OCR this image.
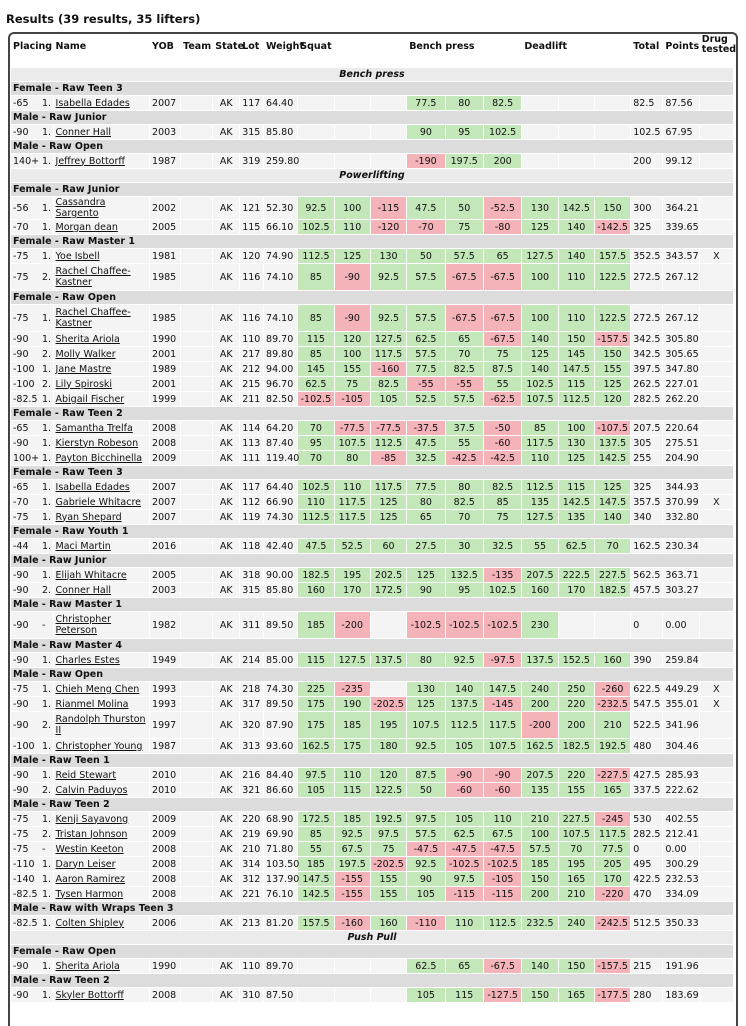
Results (39 results, 35 lifters)
Placing	Name	YOB	Team	State	Lot	Weight	Squat			Bench press			Deadlift			Total	Points	Drug tested
Bench press																		
Female - Raw Teen 3																		
-65 1.	Isabella Edades	2007		AK	117	64.40				77.5	80	82.5				82.5	87.56	
Male - Raw Junior																		
-90 1.	Conner Hall	2003		AK	315	85.80				90	95	102.5				102.5	67.95	
Male - Raw Open																		
140+ 1.	Jeffrey Bottorff	1987		AK	319	259.80				-190	197.5	200				200	99.12	
Powerlifting																		
Female - Raw Junior																		
-56 1.	Cassandra Sargento	2002		AK	121	52.30	92.5	100	-115	47.5	50	-52.5	130	142.5	150	300	364.21	
-70 1.	Morgan dean	2005		AK	115	66.10	102.5	110	-120	-70	75	-80	125	140	-142.5	325	339.65	
Female - Raw Master 1																		
-75 1.	Yoe Isbell	1981		AK	120	74.90	112.5	125	130	50	57.5	65	127.5	140	157.5	352.5	343.57	X
-75 2.	Rachel Chaffee-Kastner	1985		AK	116	74.10	85	-90	92.5	57.5	-67.5	-67.5	100	110	122.5	272.5	267.12	
Female - Raw Open																		
-75 1.	Rachel Chaffee-Kastner	1985		AK	116	74.10	85	-90	92.5	57.5	-67.5	-67.5	100	110	122.5	272.5	267.12	
-90 1.	Sherita Ariola	1990		AK	110	89.70	115	120	127.5	62.5	65	-67.5	140	150	-157.5	342.5	305.80	
-90 2.	Molly Walker	2001		AK	217	89.80	85	100	117.5	57.5	70	75	125	145	150	342.5	305.65	
-100 1.	Jane Mastre	1989		AK	212	94.00	145	155	-160	77.5	82.5	87.5	140	147.5	155	397.5	347.80	
-100 2.	Lily Spiroski	2001		AK	215	96.70	62.5	75	82.5	-55	-55	55	102.5	115	125	262.5	227.01	
-82.5 1.	Abigail Fischer	1999		AK	211	82.50	-102.5	-105	105	52.5	57.5	-62.5	107.5	112.5	120	282.5	262.20	
Female - Raw Teen 2																		
-65 1.	Samantha Trelfa	2008		AK	114	64.20	70	-77.5	-77.5	-37.5	37.5	-50	85	100	-107.5	207.5	220.64	
-90 1.	Kierstyn Robeson	2008		AK	113	87.40	95	107.5	112.5	47.5	55	-60	117.5	130	137.5	305	275.51	
100+ 1.	Payton Bicchinella	2009		AK	111	119.40	70	80	-85	32.5	-42.5	-42.5	110	125	142.5	255	204.90	
Female - Raw Teen 3																		
-65 1.	Isabella Edades	2007		AK	117	64.40	102.5	110	117.5	77.5	80	82.5	112.5	115	125	325	344.93	
-70 1.	Gabriele Whitacre	2007		AK	112	66.90	110	117.5	125	80	82.5	85	135	142.5	147.5	357.5	370.99	X
-75 1.	Ryan Shepard	2007		AK	119	74.30	112.5	117.5	125	65	70	75	127.5	135	140	340	332.80	
Female - Raw Youth 1																		
-44 1.	Maci Martin	2016		AK	118	42.40	47.5	52.5	60	27.5	30	32.5	55	62.5	70	162.5	230.34	
Male - Raw Junior																		
-90 1.	Elijah Whitacre	2005		AK	318	90.00	182.5	195	202.5	125	132.5	-135	207.5	222.5	227.5	562.5	363.71	
-90 2.	Conner Hall	2003		AK	315	85.80	160	170	172.5	90	95	102.5	160	170	182.5	457.5	303.27	
Male - Raw Master 1																		
-90 -	Christopher Peterson	1982		AK	311	89.50	185	-200		-102.5	-102.5	-102.5	230			0	0.00	
Male - Raw Master 4																		
-90 1.	Charles Estes	1949		AK	214	85.00	115	127.5	137.5	80	92.5	-97.5	137.5	152.5	160	390	259.84	
Male - Raw Open																		
-75 1.	Chieh Meng Chen	1993		AK	218	74.30	225	-235		130	140	147.5	240	250	-260	622.5	449.29	X
-90 1.	Rianmel Molina	1993		AK	317	89.50	175	190	-202.5	125	137.5	-145	200	220	-232.5	547.5	355.01	X
-90 2.	Randolph Thurston II	1997		AK	320	87.90	175	185	195	107.5	112.5	117.5	-200	200	210	522.5	341.96	
-100 1.	Christopher Young	1987		AK	313	93.60	162.5	175	180	92.5	105	107.5	162.5	182.5	192.5	480	304.46	
Male - Raw Teen 1																		
-90 1.	Reid Stewart	2010		AK	216	84.40	97.5	110	120	87.5	-90	-90	207.5	220	-227.5	427.5	285.93	
-90 2.	Calvin Paduyos	2010		AK	321	86.60	105	115	122.5	50	-60	-60	135	155	165	337.5	222.62	
Male - Raw Teen 2																		
-75 1.	Kenji Sayavong	2009		AK	220	68.90	172.5	185	192.5	97.5	105	110	210	227.5	-245	530	402.55	
-75 2.	Tristan Johnson	2009		AK	219	69.90	85	92.5	97.5	57.5	62.5	67.5	100	107.5	117.5	282.5	212.41	
-75 -	Westin Keeton	2008		AK	210	71.80	55	67.5	75	-47.5	-47.5	-47.5	57.5	70	77.5	0	0.00	
-110 1.	Daryn Leiser	2008		AK	314	103.50	185	197.5	-202.5	92.5	-102.5	-102.5	185	195	205	495	300.29	
-140 1.	Aaron Ramirez	2008		AK	312	137.90	147.5	-155	155	90	97.5	-105	150	165	170	422.5	232.53	
-82.5 1.	Tysen Harmon	2008		AK	221	76.10	142.5	-155	155	105	-115	-115	200	210	-220	470	334.09	
Male - Raw with Wraps Teen 3																		
-82.5 1.	Colten Shipley	2006		AK	213	81.20	157.5	-160	160	-110	110	112.5	232.5	240	-242.5	512.5	350.33	
Push Pull																		
Female - Raw Open																		
-90 1.	Sherita Ariola	1990		AK	110	89.70				62.5	65	-67.5	140	150	-157.5	215	191.96	
Male - Raw Teen 2																		
-90 1.	Skyler Bottorff	2008		AK	310	87.50				105	115	-127.5	150	165	-177.5	280	183.69	
